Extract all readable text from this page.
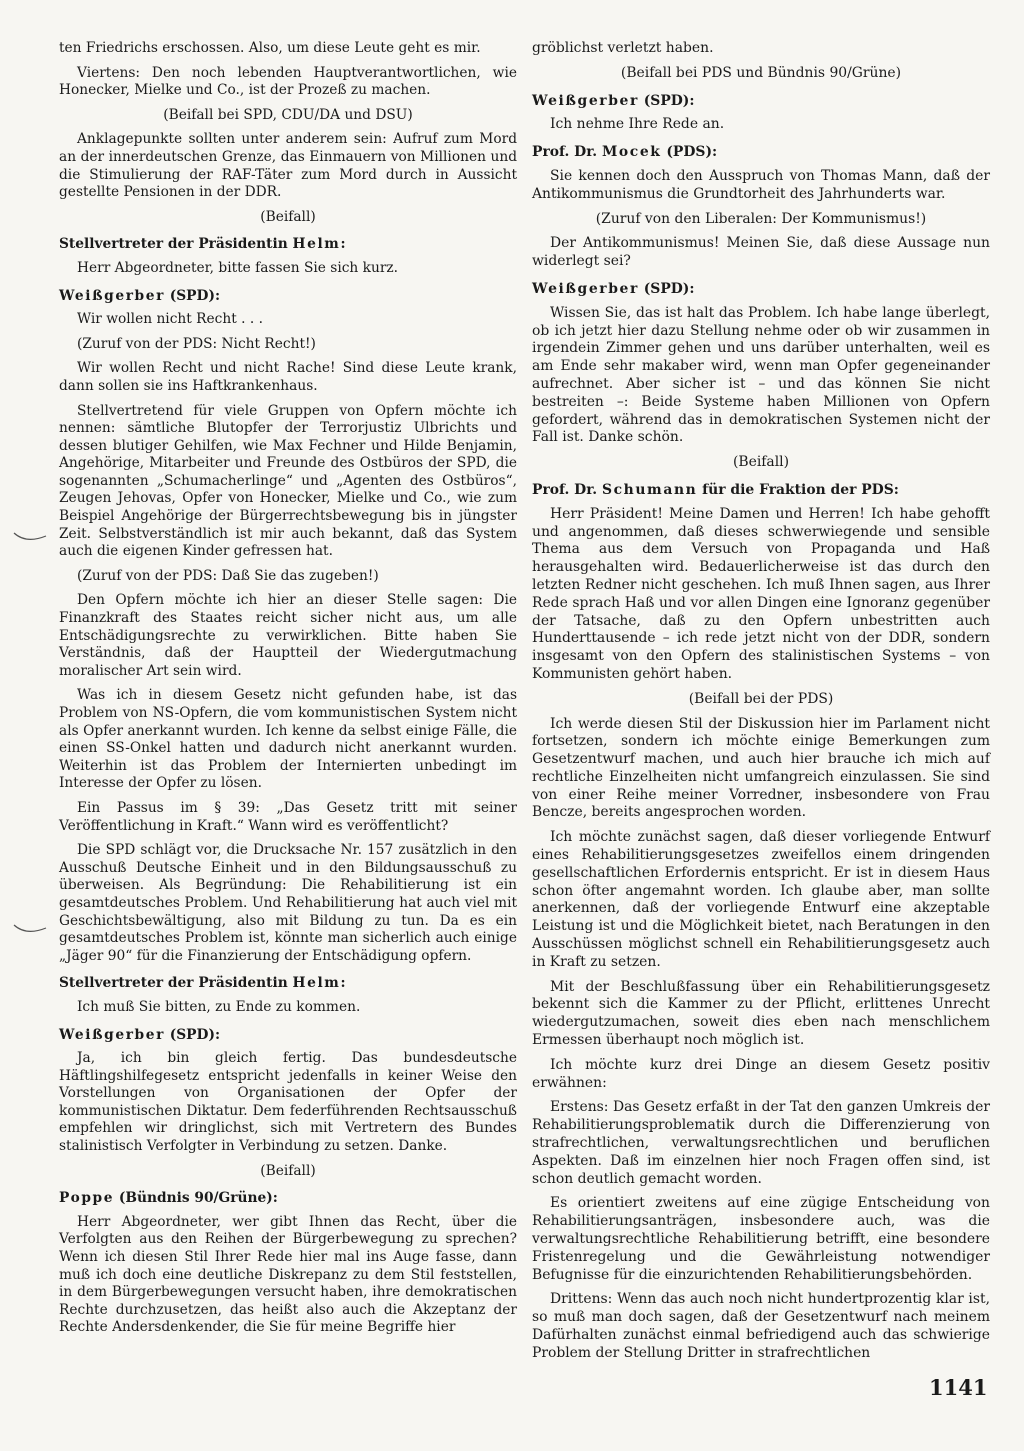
ten Friedrichs erschossen. Also, um diese Leute geht es mir.

Viertens: Den noch lebenden Hauptverantwortlichen, wie Honecker, Mielke und Co., ist der Prozeß zu machen.

(Beifall bei SPD, CDU/DA und DSU)

Anklagepunkte sollten unter anderem sein: Aufruf zum Mord an der innerdeutschen Grenze, das Einmauern von Millionen und die Stimulierung der RAF-Täter zum Mord durch in Aussicht gestellte Pensionen in der DDR.

(Beifall)

Stellvertreter der Präsidentin Helm:

Herr Abgeordneter, bitte fassen Sie sich kurz.

Weißgerber (SPD):

Wir wollen nicht Recht . . .

(Zuruf von der PDS: Nicht Recht!)

Wir wollen Recht und nicht Rache! Sind diese Leute krank, dann sollen sie ins Haftkrankenhaus.

Stellvertretend für viele Gruppen von Opfern möchte ich nennen: sämtliche Blutopfer der Terrorjustiz Ulbrichts und dessen blutiger Gehilfen, wie Max Fechner und Hilde Benjamin, Angehörige, Mitarbeiter und Freunde des Ostbüros der SPD, die sogenannten „Schumacherlinge“ und „Agenten des Ostbüros“, Zeugen Jehovas, Opfer von Honecker, Mielke und Co., wie zum Beispiel Angehörige der Bürgerrechtsbewegung bis in jüngster Zeit. Selbstverständlich ist mir auch bekannt, daß das System auch die eigenen Kinder gefressen hat.

(Zuruf von der PDS: Daß Sie das zugeben!)

Den Opfern möchte ich hier an dieser Stelle sagen: Die Finanzkraft des Staates reicht sicher nicht aus, um alle Entschädigungsrechte zu verwirklichen. Bitte haben Sie Verständnis, daß der Hauptteil der Wiedergutmachung moralischer Art sein wird.

Was ich in diesem Gesetz nicht gefunden habe, ist das Problem von NS-Opfern, die vom kommunistischen System nicht als Opfer anerkannt wurden. Ich kenne da selbst einige Fälle, die einen SS-Onkel hatten und dadurch nicht anerkannt wurden. Weiterhin ist das Problem der Internierten unbedingt im Interesse der Opfer zu lösen.

Ein Passus im § 39: „Das Gesetz tritt mit seiner Veröffentlichung in Kraft.“ Wann wird es veröffentlicht?

Die SPD schlägt vor, die Drucksache Nr. 157 zusätzlich in den Ausschuß Deutsche Einheit und in den Bildungsausschuß zu überweisen. Als Begründung: Die Rehabilitierung ist ein gesamtdeutsches Problem. Und Rehabilitierung hat auch viel mit Geschichtsbewältigung, also mit Bildung zu tun. Da es ein gesamtdeutsches Problem ist, könnte man sicherlich auch einige „Jäger 90“ für die Finanzierung der Entschädigung opfern.

Stellvertreter der Präsidentin Helm:

Ich muß Sie bitten, zu Ende zu kommen.

Weißgerber (SPD):

Ja, ich bin gleich fertig. Das bundesdeutsche Häftlingshilfegesetz entspricht jedenfalls in keiner Weise den Vorstellungen von Organisationen der Opfer der kommunistischen Diktatur. Dem federführenden Rechtsausschuß empfehlen wir dringlichst, sich mit Vertretern des Bundes stalinistisch Verfolgter in Verbindung zu setzen. Danke.

(Beifall)

Poppe (Bündnis 90/Grüne):

Herr Abgeordneter, wer gibt Ihnen das Recht, über die Verfolgten aus den Reihen der Bürgerbewegung zu sprechen? Wenn ich diesen Stil Ihrer Rede hier mal ins Auge fasse, dann muß ich doch eine deutliche Diskrepanz zu dem Stil feststellen, in dem Bürgerbewegungen versucht haben, ihre demokratischen Rechte durchzusetzen, das heißt also auch die Akzeptanz der Rechte Andersdenkender, die Sie für meine Begriffe hier

gröblichst verletzt haben.

(Beifall bei PDS und Bündnis 90/Grüne)

Weißgerber (SPD):

Ich nehme Ihre Rede an.

Prof. Dr. Mocek (PDS):

Sie kennen doch den Ausspruch von Thomas Mann, daß der Antikommunismus die Grundtorheit des Jahrhunderts war.

(Zuruf von den Liberalen: Der Kommunismus!)

Der Antikommunismus! Meinen Sie, daß diese Aussage nun widerlegt sei?

Weißgerber (SPD):

Wissen Sie, das ist halt das Problem. Ich habe lange überlegt, ob ich jetzt hier dazu Stellung nehme oder ob wir zusammen in irgendein Zimmer gehen und uns darüber unterhalten, weil es am Ende sehr makaber wird, wenn man Opfer gegeneinander aufrechnet. Aber sicher ist – und das können Sie nicht bestreiten –: Beide Systeme haben Millionen von Opfern gefordert, während das in demokratischen Systemen nicht der Fall ist. Danke schön.

(Beifall)

Prof. Dr. Schumann für die Fraktion der PDS:

Herr Präsident! Meine Damen und Herren! Ich habe gehofft und angenommen, daß dieses schwerwiegende und sensible Thema aus dem Versuch von Propaganda und Haß herausgehalten wird. Bedauerlicherweise ist das durch den letzten Redner nicht geschehen. Ich muß Ihnen sagen, aus Ihrer Rede sprach Haß und vor allen Dingen eine Ignoranz gegenüber der Tatsache, daß zu den Opfern unbestritten auch Hunderttausende – ich rede jetzt nicht von der DDR, sondern insgesamt von den Opfern des stalinistischen Systems – von Kommunisten gehört haben.

(Beifall bei der PDS)

Ich werde diesen Stil der Diskussion hier im Parlament nicht fortsetzen, sondern ich möchte einige Bemerkungen zum Gesetzentwurf machen, und auch hier brauche ich mich auf rechtliche Einzelheiten nicht umfangreich einzulassen. Sie sind von einer Reihe meiner Vorredner, insbesondere von Frau Bencze, bereits angesprochen worden.

Ich möchte zunächst sagen, daß dieser vorliegende Entwurf eines Rehabilitierungsgesetzes zweifellos einem dringenden gesellschaftlichen Erfordernis entspricht. Er ist in diesem Haus schon öfter angemahnt worden. Ich glaube aber, man sollte anerkennen, daß der vorliegende Entwurf eine akzeptable Leistung ist und die Möglichkeit bietet, nach Beratungen in den Ausschüssen möglichst schnell ein Rehabilitierungsgesetz auch in Kraft zu setzen.

Mit der Beschlußfassung über ein Rehabilitierungsgesetz bekennt sich die Kammer zu der Pflicht, erlittenes Unrecht wiedergutzumachen, soweit dies eben nach menschlichem Ermessen überhaupt noch möglich ist.

Ich möchte kurz drei Dinge an diesem Gesetz positiv erwähnen:

Erstens: Das Gesetz erfaßt in der Tat den ganzen Umkreis der Rehabilitierungsproblematik durch die Differenzierung von strafrechtlichen, verwaltungsrechtlichen und beruflichen Aspekten. Daß im einzelnen hier noch Fragen offen sind, ist schon deutlich gemacht worden.

Es orientiert zweitens auf eine zügige Entscheidung von Rehabilitierungsanträgen, insbesondere auch, was die verwaltungsrechtliche Rehabilitierung betrifft, eine besondere Fristenregelung und die Gewährleistung notwendiger Befugnisse für die einzurichtenden Rehabilitierungsbehörden.

Drittens: Wenn das auch noch nicht hundertprozentig klar ist, so muß man doch sagen, daß der Gesetzentwurf nach meinem Dafürhalten zunächst einmal befriedigend auch das schwierige Problem der Stellung Dritter in strafrechtlichen

1141
